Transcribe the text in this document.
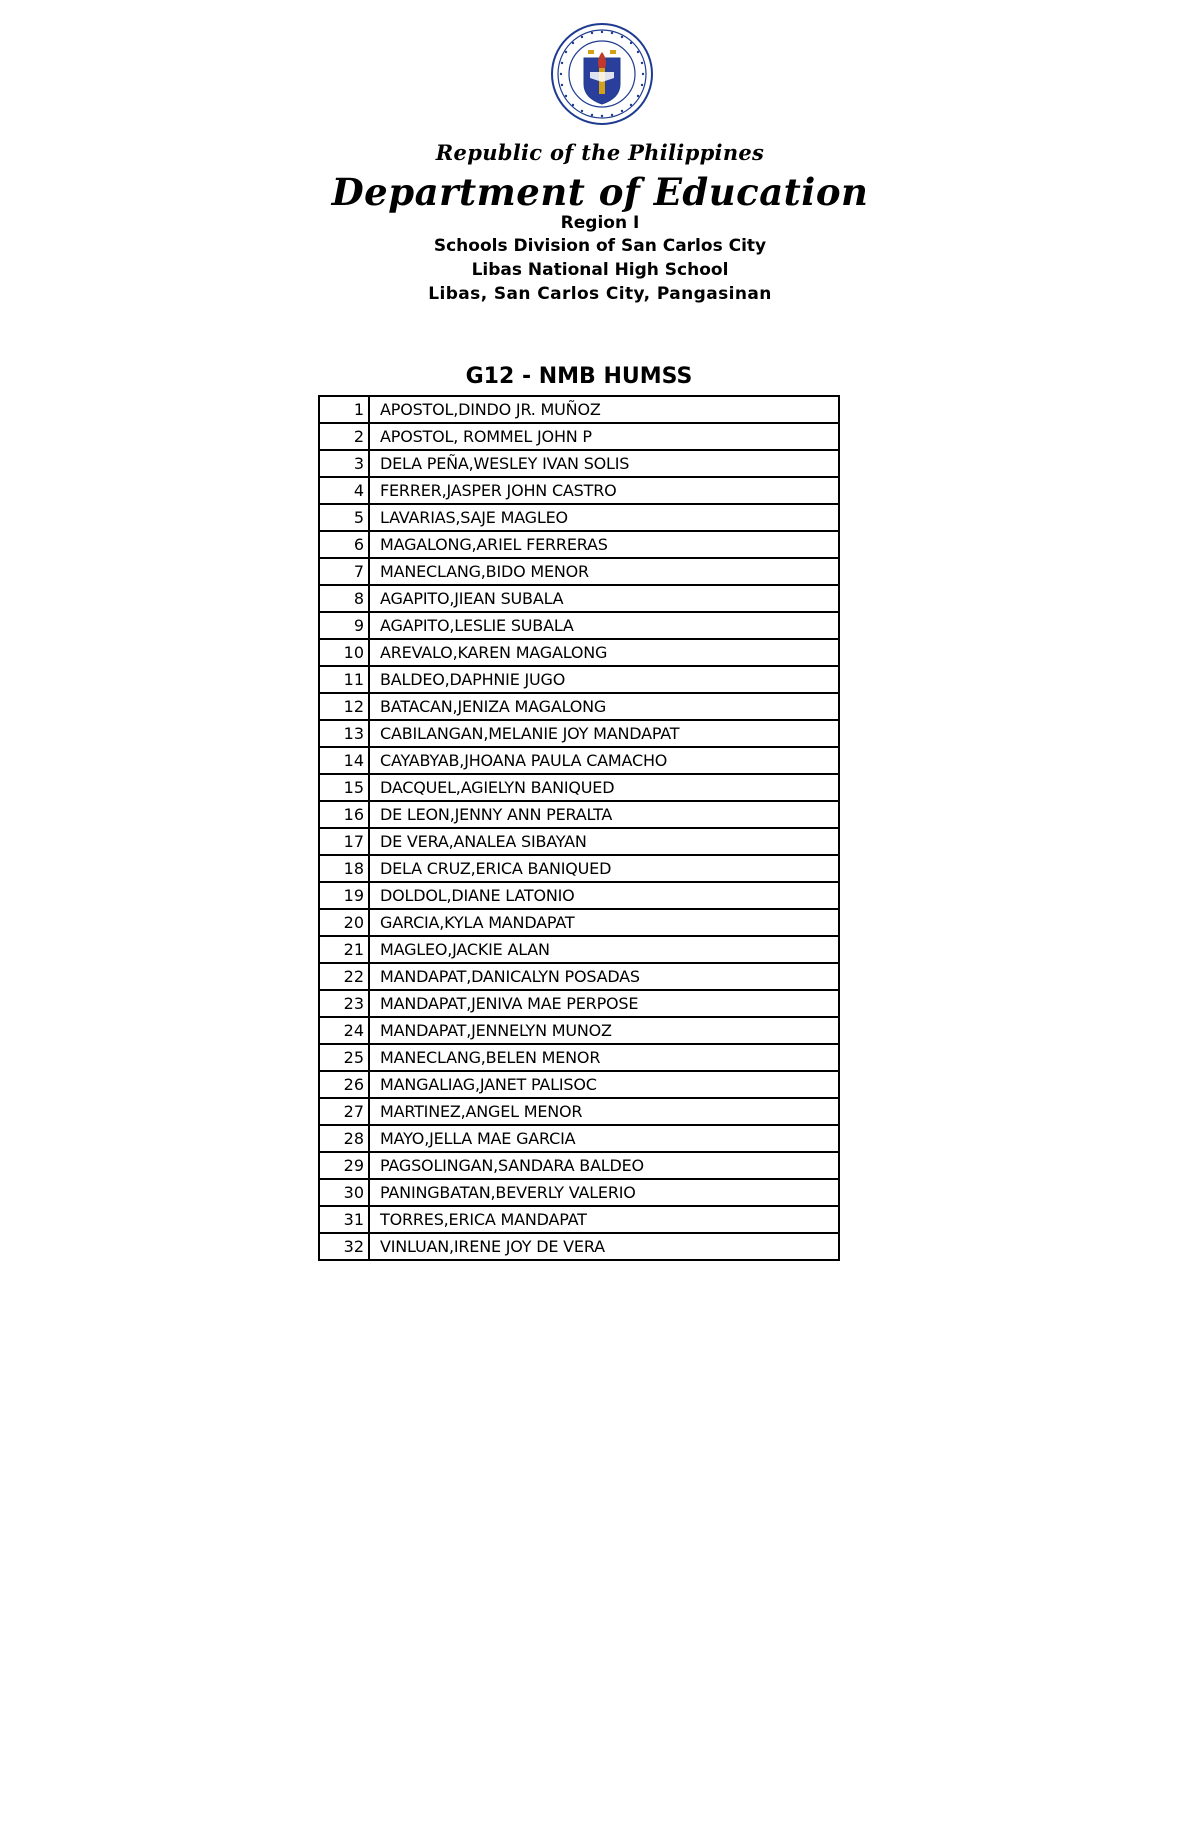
Republic of the Philippines
Department of Education
Region I
Schools Division of San Carlos City
Libas National High School
Libas, San Carlos City, Pangasinan
G12 - NMB HUMSS
1	APOSTOL,DINDO JR. MUÑOZ
2	APOSTOL, ROMMEL JOHN P
3	DELA PEÑA,WESLEY IVAN SOLIS
4	FERRER,JASPER JOHN CASTRO
5	LAVARIAS,SAJE MAGLEO
6	MAGALONG,ARIEL FERRERAS
7	MANECLANG,BIDO MENOR
8	AGAPITO,JIEAN SUBALA
9	AGAPITO,LESLIE SUBALA
10	AREVALO,KAREN MAGALONG
11	BALDEO,DAPHNIE JUGO
12	BATACAN,JENIZA MAGALONG
13	CABILANGAN,MELANIE JOY MANDAPAT
14	CAYABYAB,JHOANA PAULA CAMACHO
15	DACQUEL,AGIELYN BANIQUED
16	DE LEON,JENNY ANN PERALTA
17	DE VERA,ANALEA SIBAYAN
18	DELA CRUZ,ERICA BANIQUED
19	DOLDOL,DIANE LATONIO
20	GARCIA,KYLA MANDAPAT
21	MAGLEO,JACKIE ALAN
22	MANDAPAT,DANICALYN POSADAS
23	MANDAPAT,JENIVA MAE PERPOSE
24	MANDAPAT,JENNELYN MUNOZ
25	MANECLANG,BELEN MENOR
26	MANGALIAG,JANET PALISOC
27	MARTINEZ,ANGEL MENOR
28	MAYO,JELLA MAE GARCIA
29	PAGSOLINGAN,SANDARA BALDEO
30	PANINGBATAN,BEVERLY VALERIO
31	TORRES,ERICA MANDAPAT
32	VINLUAN,IRENE JOY DE VERA
